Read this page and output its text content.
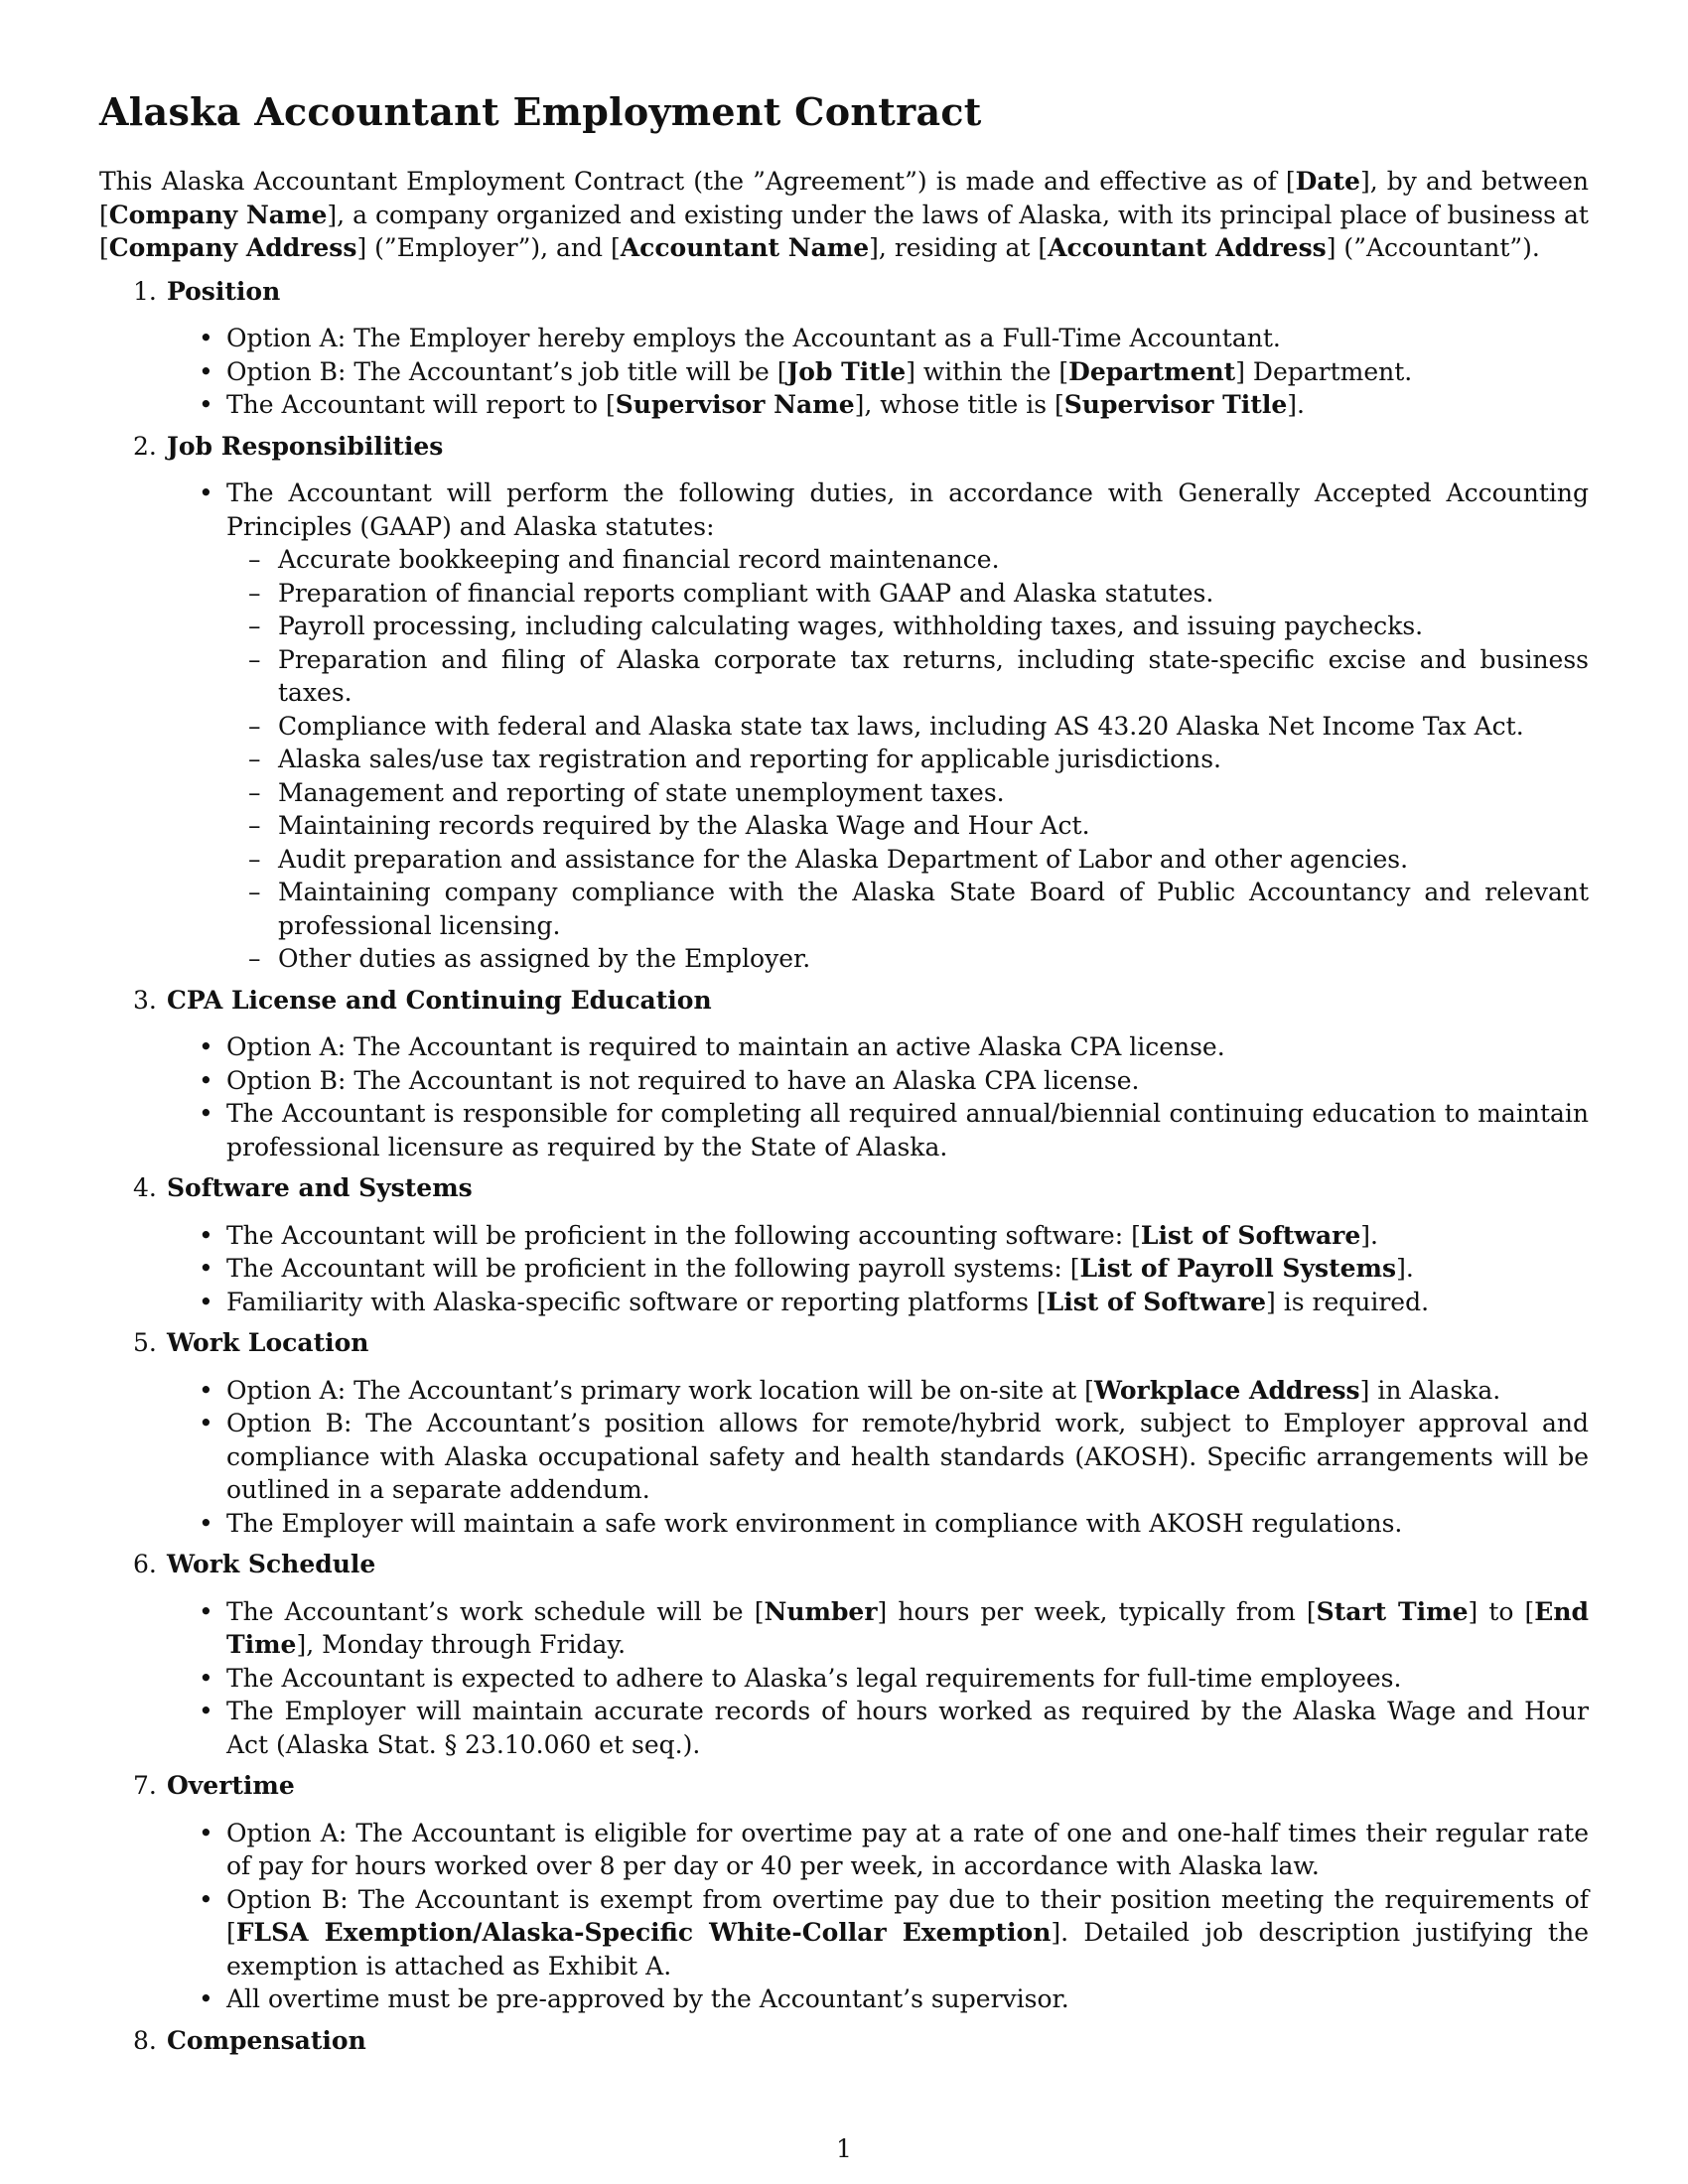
Alaska Accountant Employment Contract

This Alaska Accountant Employment Contract (the ”Agreement”) is made and effective as of [Date], by and between [Company Name], a company organized and existing under the laws of Alaska, with its principal place of business at [Company Address] (”Employer”), and [Accountant Name], residing at [Accountant Address] (”Accountant”).

1. Position
• Option A: The Employer hereby employs the Accountant as a Full-Time Accountant.
• Option B: The Accountant’s job title will be [Job Title] within the [Department] Department.
• The Accountant will report to [Supervisor Name], whose title is [Supervisor Title].
2. Job Responsibilities
• The Accountant will perform the following duties, in accordance with Generally Accepted Accounting Principles (GAAP) and Alaska statutes:
– Accurate bookkeeping and financial record maintenance.
– Preparation of financial reports compliant with GAAP and Alaska statutes.
– Payroll processing, including calculating wages, withholding taxes, and issuing paychecks.
– Preparation and filing of Alaska corporate tax returns, including state-specific excise and business taxes.
– Compliance with federal and Alaska state tax laws, including AS 43.20 Alaska Net Income Tax Act.
– Alaska sales/use tax registration and reporting for applicable jurisdictions.
– Management and reporting of state unemployment taxes.
– Maintaining records required by the Alaska Wage and Hour Act.
– Audit preparation and assistance for the Alaska Department of Labor and other agencies.
– Maintaining company compliance with the Alaska State Board of Public Accountancy and relevant professional licensing.
– Other duties as assigned by the Employer.
3. CPA License and Continuing Education
• Option A: The Accountant is required to maintain an active Alaska CPA license.
• Option B: The Accountant is not required to have an Alaska CPA license.
• The Accountant is responsible for completing all required annual/biennial continuing education to maintain professional licensure as required by the State of Alaska.
4. Software and Systems
• The Accountant will be proficient in the following accounting software: [List of Software].
• The Accountant will be proficient in the following payroll systems: [List of Payroll Systems].
• Familiarity with Alaska-specific software or reporting platforms [List of Software] is required.
5. Work Location
• Option A: The Accountant’s primary work location will be on-site at [Workplace Address] in Alaska.
• Option B: The Accountant’s position allows for remote/hybrid work, subject to Employer approval and compliance with Alaska occupational safety and health standards (AKOSH). Specific arrangements will be outlined in a separate addendum.
• The Employer will maintain a safe work environment in compliance with AKOSH regulations.
6. Work Schedule
• The Accountant’s work schedule will be [Number] hours per week, typically from [Start Time] to [End Time], Monday through Friday.
• The Accountant is expected to adhere to Alaska’s legal requirements for full-time employees.
• The Employer will maintain accurate records of hours worked as required by the Alaska Wage and Hour Act (Alaska Stat. § 23.10.060 et seq.).
7. Overtime
• Option A: The Accountant is eligible for overtime pay at a rate of one and one-half times their regular rate of pay for hours worked over 8 per day or 40 per week, in accordance with Alaska law.
• Option B: The Accountant is exempt from overtime pay due to their position meeting the requirements of [FLSA Exemption/Alaska-Specific White-Collar Exemption]. Detailed job description justifying the exemption is attached as Exhibit A.
• All overtime must be pre-approved by the Accountant’s supervisor.
8. Compensation
1
